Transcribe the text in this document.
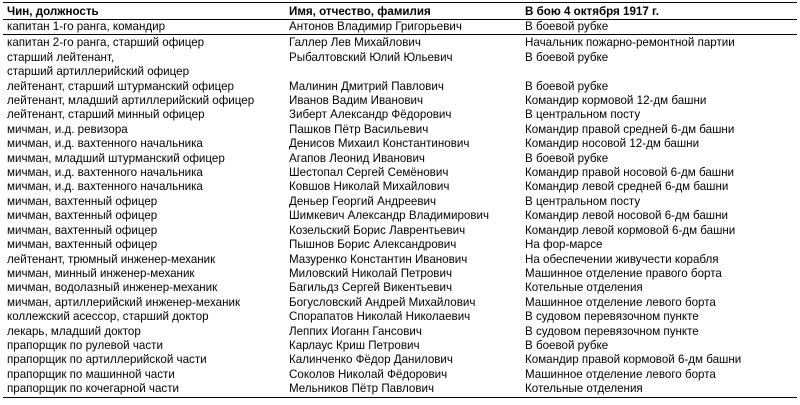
Чин, должность	Имя, отчество, фамилия	В бою 4 октября 1917 г.

капитан 1-го ранга, командир	Антонов Владимир Григорьевич	В боевой рубке

капитан 2-го ранга, старший офицер	Галлер Лев Михайлович	Начальник пожарно-ремонтной партии

старший лейтенант,
старший артиллерийский офицер	Рыбалтовский Юлий Юльевич	В боевой рубке

лейтенант, старший штурманский офицер	Малинин Дмитрий Павлович	В боевой рубке

лейтенант, младший артиллерийский офицер	Иванов Вадим Иванович	Командир кормовой 12-дм башни

лейтенант, старший минный офицер	Зиберт Александр Фёдорович	В центральном посту

мичман, и.д. ревизора	Пашков Пётр Васильевич	Командир правой средней 6-дм башни

мичман, и.д. вахтенного начальника	Денисов Михаил Константинович	Командир носовой 12-дм башни

мичман, младший штурманский офицер	Агапов Леонид Иванович	В боевой рубке

мичман, и.д. вахтенного начальника	Шестопал Сергей Семёнович	Командир правой носовой 6-дм башни

мичман, и.д. вахтенного начальника	Ковшов Николай Михайлович	Командир левой средней 6-дм башни

мичман, вахтенный офицер	Деньер Георгий Андреевич	В центральном посту

мичман, вахтенный офицер	Шимкевич Александр Владимирович	Командир левой носовой 6-дм башни

мичман, вахтенный офицер	Козельский Борис Лаврентьевич	Командир левой кормовой 6-дм башни

мичман, вахтенный офицер	Пышнов Борис Александрович	На фор-марсе

лейтенант, трюмный инженер-механик	Мазуренко Константин Иванович	На обеспечении живучести корабля

мичман, минный инженер-механик	Миловский Николай Петрович	Машинное отделение правого борта

мичман, водолазный инженер-механик	Багильдз Сергей Викентьевич	Котельные отделения

мичман, артиллерийский инженер-механик	Богусловский Андрей Михайлович	Машинное отделение левого борта

коллежский асессор, старший доктор	Спорапатов Николай Николаевич	В судовом перевязочном пункте

лекарь, младший доктор	Леппих Иоганн Гансович	В судовом перевязочном пункте

прапорщик по рулевой части	Карлаус Криш Петрович	В боевой рубке

прапорщик по артиллерийской части	Калинченко Фёдор Данилович	Командир правой кормовой 6-дм башни

прапорщик по машинной части	Соколов Николай Фёдорович	Машинное отделение левого борта

прапорщик по кочегарной части	Мельников Пётр Павлович	Котельные отделения
